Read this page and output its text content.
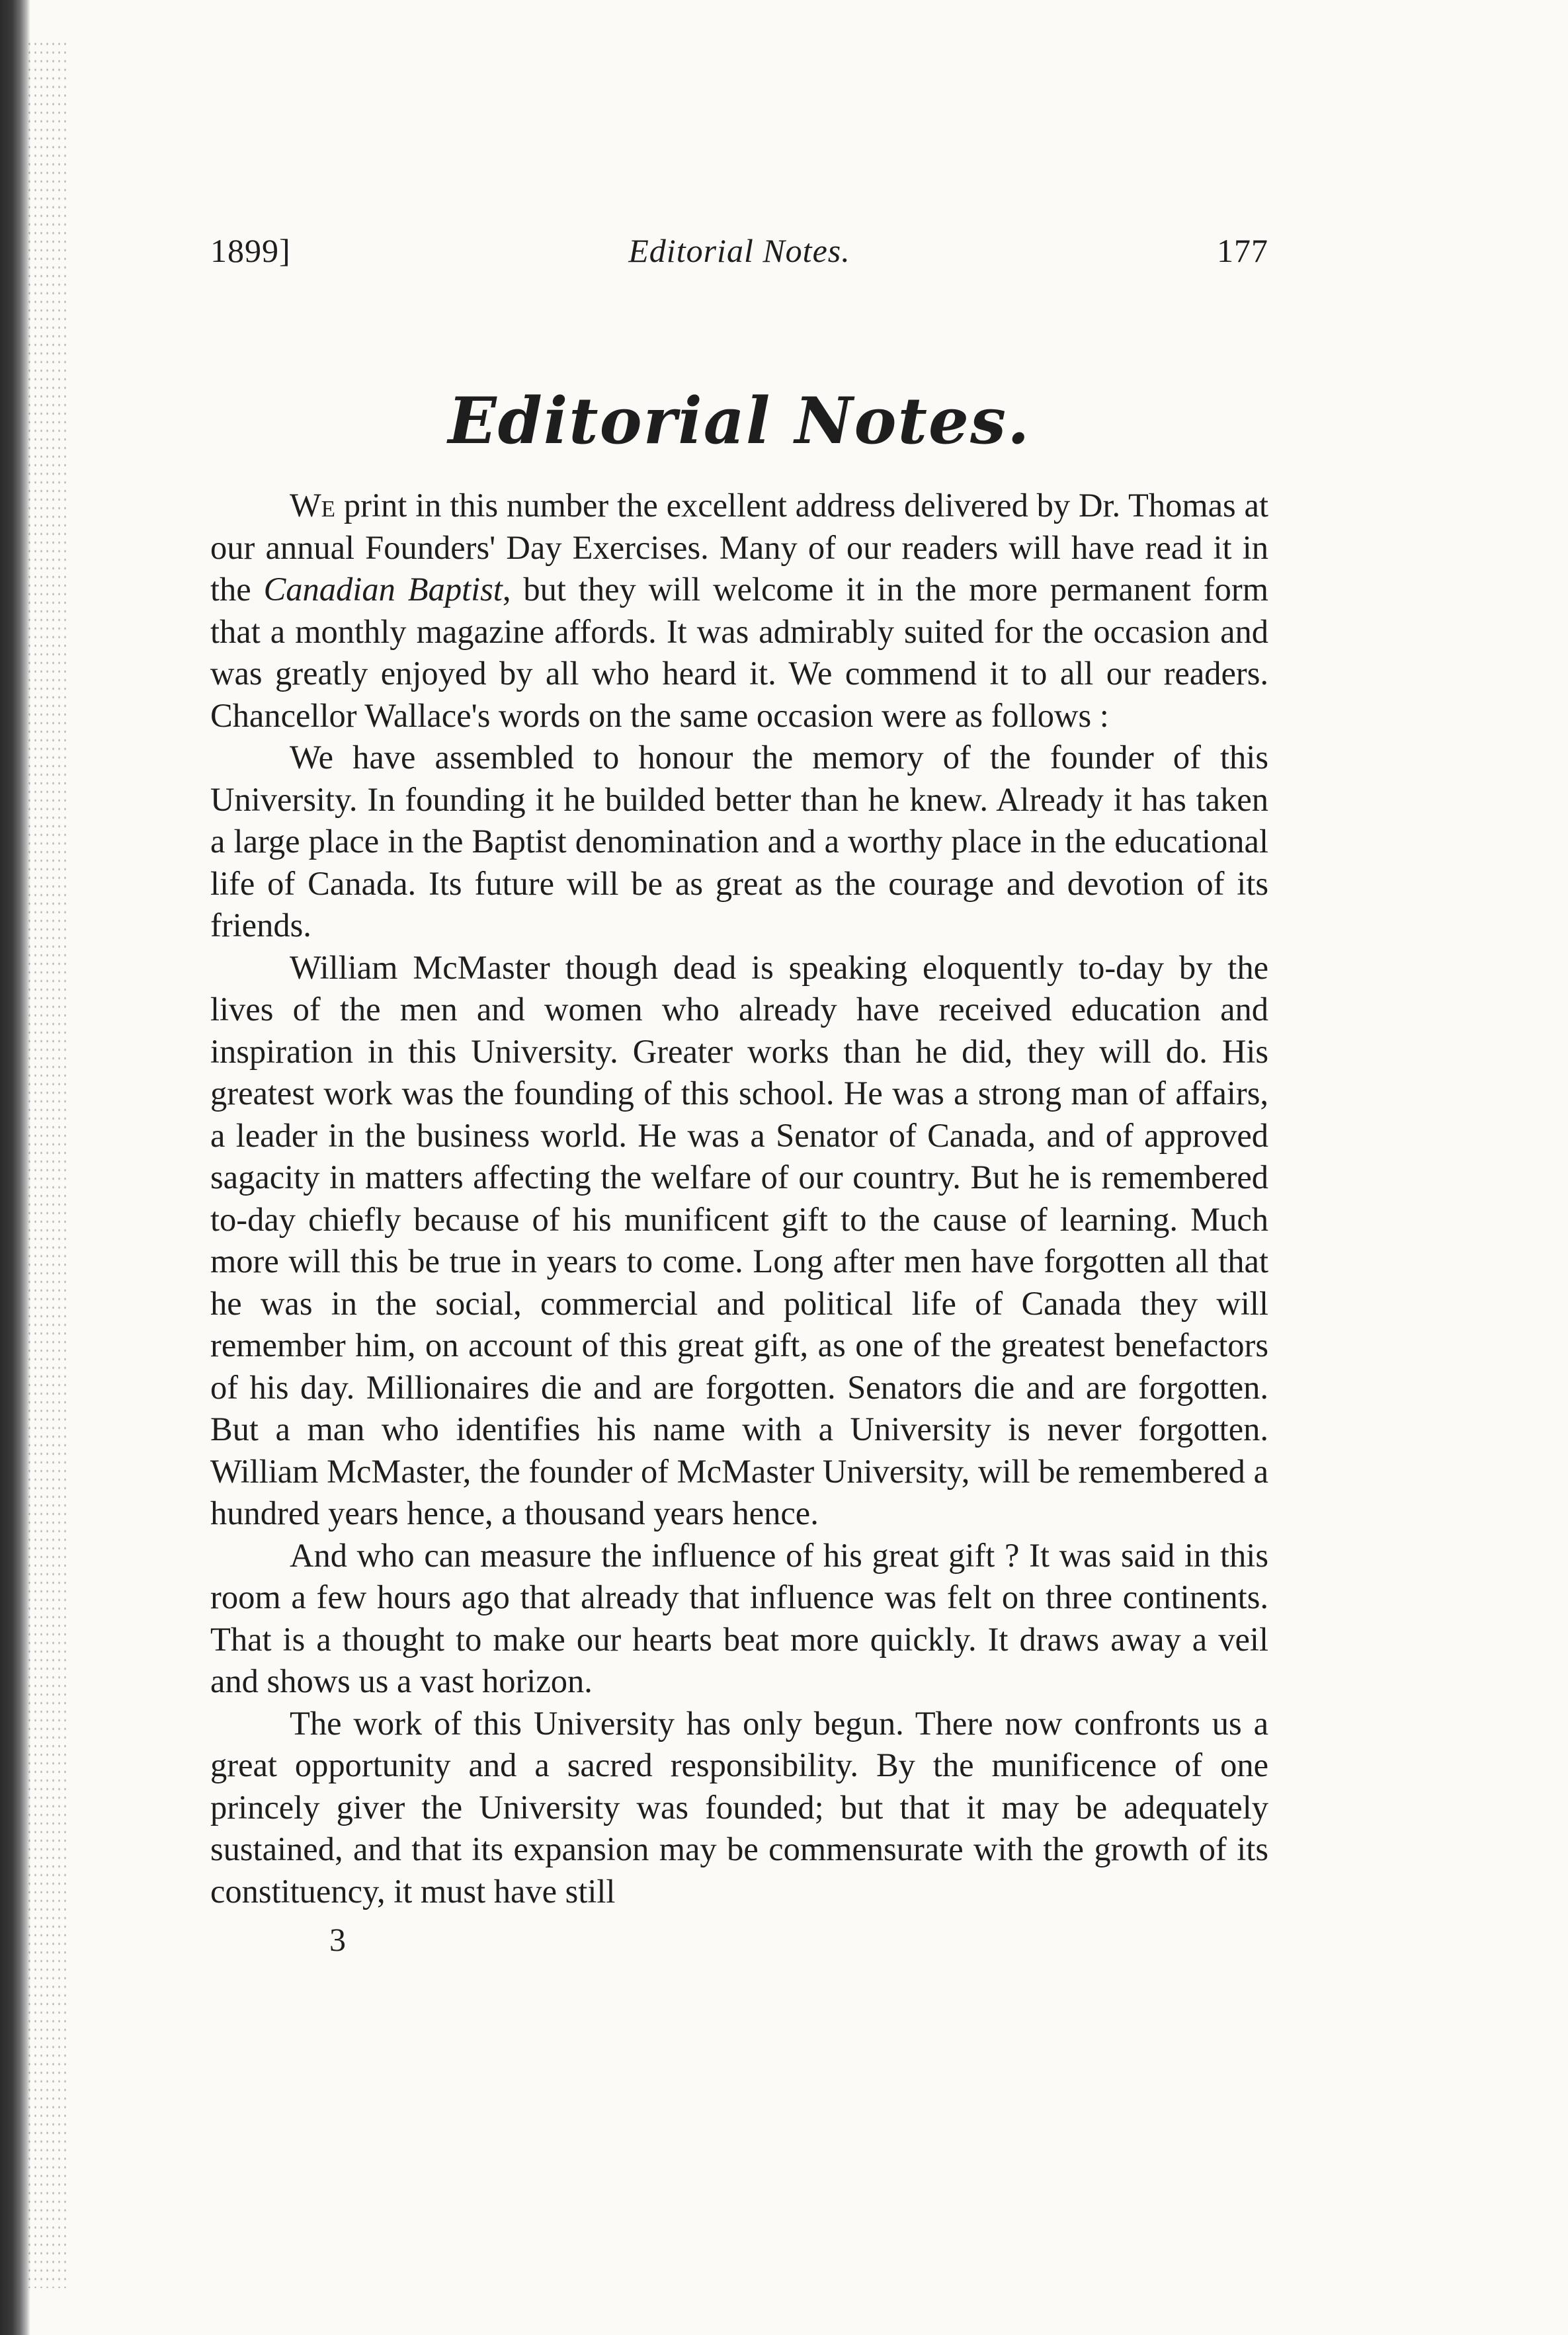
1899]	Editorial Notes.	177
Editorial Notes.

We print in this number the excellent address delivered by Dr. Thomas at our annual Founders' Day Exercises. Many of our readers will have read it in the Canadian Baptist, but they will welcome it in the more permanent form that a monthly magazine affords. It was admirably suited for the occasion and was greatly enjoyed by all who heard it. We commend it to all our readers. Chancellor Wallace's words on the same occasion were as follows :

We have assembled to honour the memory of the founder of this University. In founding it he builded better than he knew. Already it has taken a large place in the Baptist denomination and a worthy place in the educational life of Canada. Its future will be as great as the courage and devotion of its friends.

William McMaster though dead is speaking eloquently to-day by the lives of the men and women who already have received education and inspiration in this University. Greater works than he did, they will do. His greatest work was the founding of this school. He was a strong man of affairs, a leader in the business world. He was a Senator of Canada, and of approved sagacity in matters affecting the welfare of our country. But he is remembered to-day chiefly because of his munificent gift to the cause of learning. Much more will this be true in years to come. Long after men have forgotten all that he was in the social, commercial and political life of Canada they will remember him, on account of this great gift, as one of the greatest benefactors of his day. Millionaires die and are forgotten. Senators die and are forgotten. But a man who identifies his name with a University is never forgotten. William McMaster, the founder of McMaster University, will be remembered a hundred years hence, a thousand years hence.

And who can measure the influence of his great gift ? It was said in this room a few hours ago that already that influence was felt on three continents. That is a thought to make our hearts beat more quickly. It draws away a veil and shows us a vast horizon.

The work of this University has only begun. There now confronts us a great opportunity and a sacred responsibility. By the munificence of one princely giver the University was founded; but that it may be adequately sustained, and that its expansion may be commensurate with the growth of its constituency, it must have still

3
